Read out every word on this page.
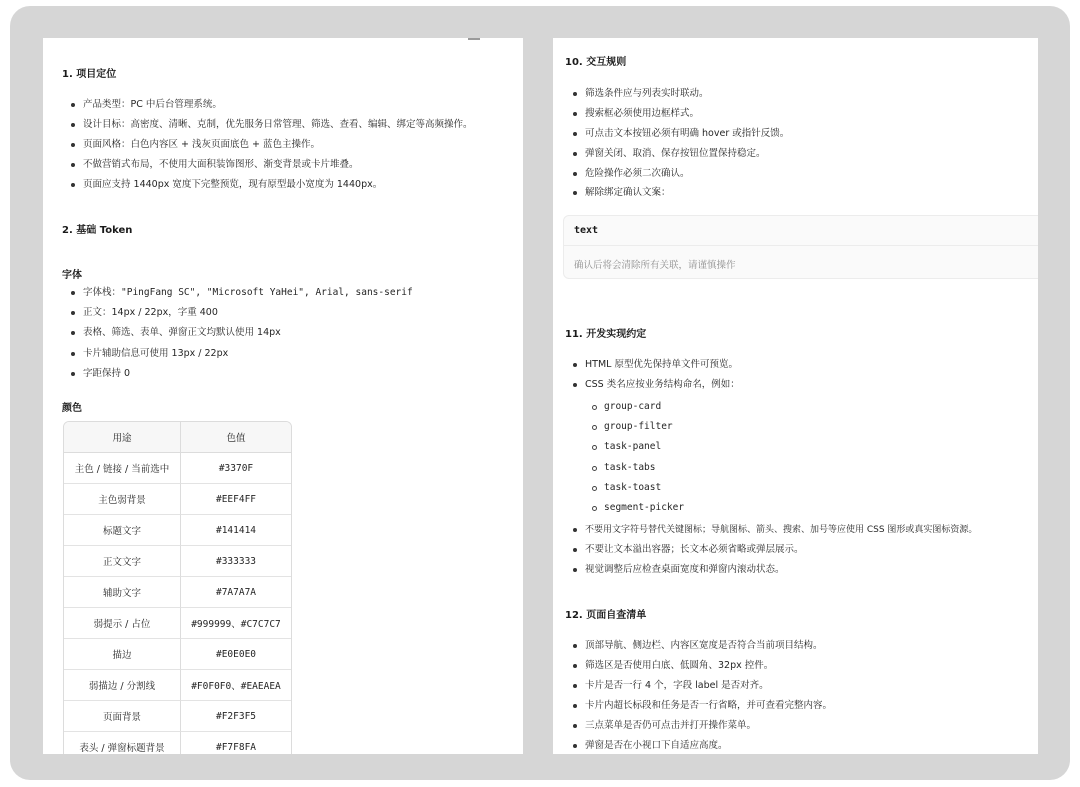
1. 项目定位
产品类型：PC 中后台管理系统。
设计目标：高密度、清晰、克制，优先服务日常管理、筛选、查看、编辑、绑定等高频操作。
页面风格：白色内容区 + 浅灰页面底色 + 蓝色主操作。
不做营销式布局，不使用大面积装饰图形、渐变背景或卡片堆叠。
页面应支持 1440px 宽度下完整预览，现有原型最小宽度为 1440px。
2. 基础 Token
字体
字体栈："PingFang SC", "Microsoft YaHei", Arial, sans-serif
正文：14px / 22px，字重 400
表格、筛选、表单、弹窗正文均默认使用 14px
卡片辅助信息可使用 13px / 22px
字距保持 0
颜色
用途	色值
主色 / 链接 / 当前选中	#3370F
主色弱背景	#EEF4FF
标题文字	#141414
正文文字	#333333
辅助文字	#7A7A7A
弱提示 / 占位	#999999、#C7C7C7
描边	#E0E0E0
弱描边 / 分割线	#F0F0F0、#EAEAEA
页面背景	#F2F3F5
表头 / 弹窗标题背景	#F7F8FA

10. 交互规则
筛选条件应与列表实时联动。
搜索框必须使用边框样式。
可点击文本按钮必须有明确 hover 或指针反馈。
弹窗关闭、取消、保存按钮位置保持稳定。
危险操作必须二次确认。
解除绑定确认文案：
text
确认后将会清除所有关联，请谨慎操作
11. 开发实现约定
HTML 原型优先保持单文件可预览。
CSS 类名应按业务结构命名，例如：
group-card
group-filter
task-panel
task-tabs
task-toast
segment-picker
不要用文字符号替代关键图标；导航图标、箭头、搜索、加号等应使用 CSS 图形或真实图标资源。
不要让文本溢出容器；长文本必须省略或弹层展示。
视觉调整后应检查桌面宽度和弹窗内滚动状态。
12. 页面自查清单
顶部导航、侧边栏、内容区宽度是否符合当前项目结构。
筛选区是否使用白底、低圆角、32px 控件。
卡片是否一行 4 个，字段 label 是否对齐。
卡片内超长标段和任务是否一行省略，并可查看完整内容。
三点菜单是否仍可点击并打开操作菜单。
弹窗是否在小视口下自适应高度。
